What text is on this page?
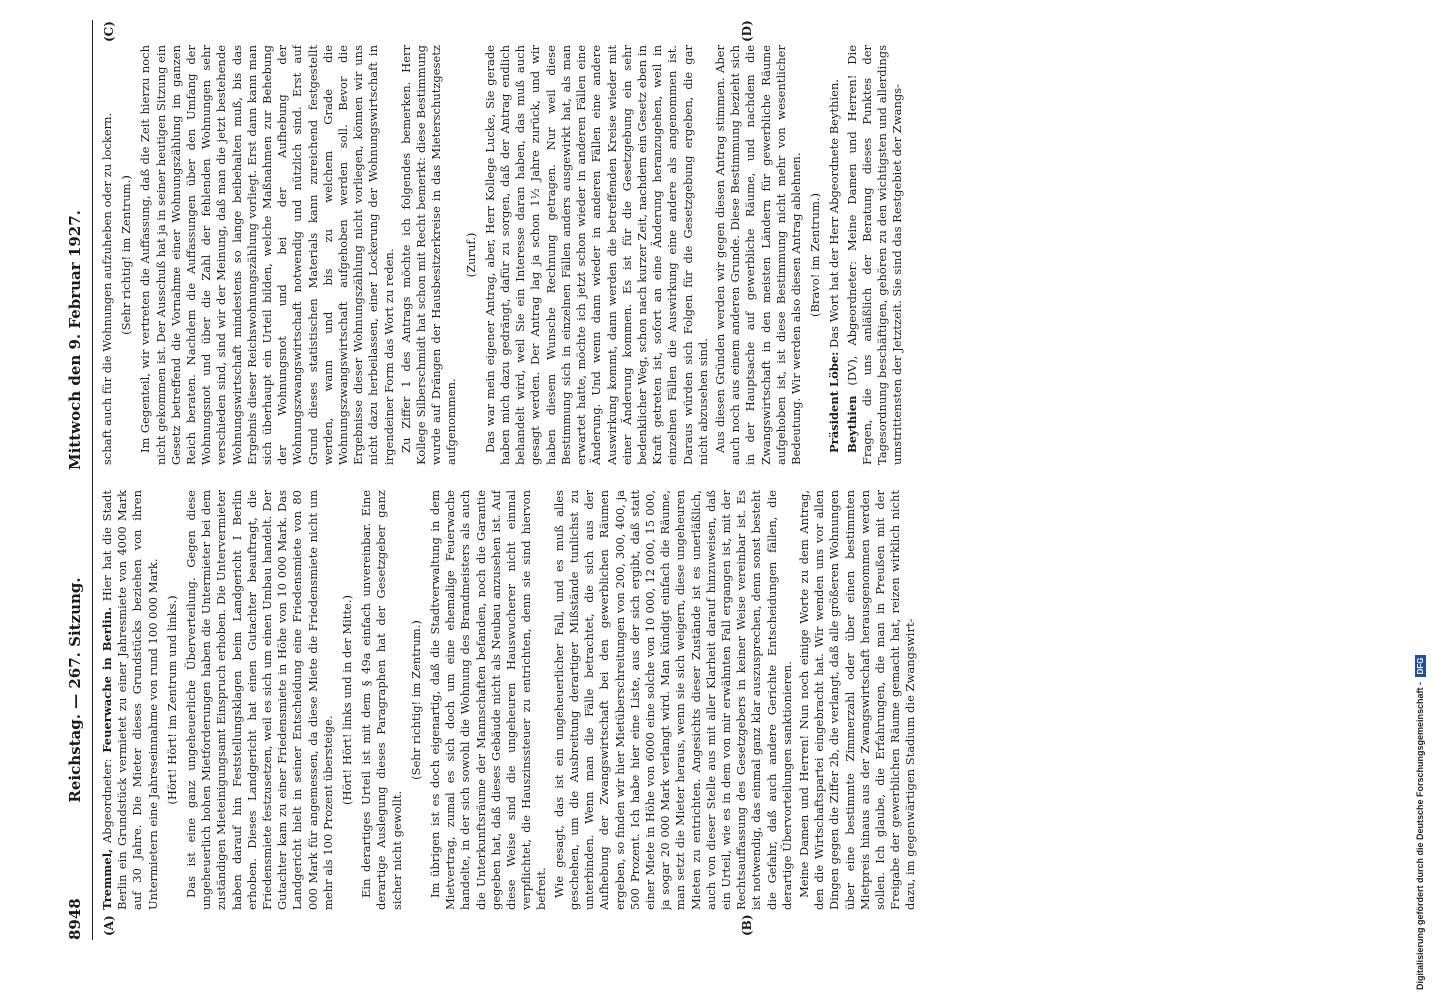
8948
Reichstag. — 267. Sitzung.
Mittwoch den 9. Februar 1927.
(A)	(B)
(C)	(D)

Tremmel, Abgeordneter: Feuerwache in Berlin. Hier hat die Stadt Berlin ein Grundstück vermietet zu einer Jahresmiete von 4000 Mark auf 30 Jahre. Die Mieter dieses Grundstücks beziehen von ihren Untermietern eine Jahreseinnahme von rund 100 000 Mark. (Hört! Hört! im Zentrum und links.) Das ist eine ganz ungeheuerliche Überverteilung. Gegen diese ungeheuerlich hohen Mietforderungen haben die Untermieter bei dem zuständigen Mieteinigungsamt Einspruch erhoben. Die Untervermieter haben darauf hin Feststellungsklagen beim Landgericht I Berlin erhoben. Dieses Landgericht hat einen Gutachter beauftragt, die Friedensmiete festzusetzen, weil es sich um einen Umbau handelt. Der Gutachter kam zu einer Friedensmiete in Höhe von 10 000 Mark. Das Landgericht hielt in seiner Entscheidung eine Friedensmiete von 80 000 Mark für angemessen, da diese Miete die Friedensmiete nicht um mehr als 100 Prozent übersteige.

(Hört! Hört! links und in der Mitte.) Ein derartiges Urteil ist mit dem § 49a einfach unvereinbar. Eine derartige Auslegung dieses Paragraphen hat der Gesetzgeber ganz sicher nicht gewollt.

(Sehr richtig! im Zentrum.) Im übrigen ist es doch eigenartig, daß die Stadtverwaltung in dem Mietvertrag, zumal es sich doch um eine ehemalige Feuerwache handelte, in der sich sowohl die Wohnung des Brandmeisters als auch die Unterkunftsräume der Mannschaften befanden, noch die Garantie gegeben hat, daß dieses Gebäude nicht als Neubau anzusehen ist. Auf diese Weise sind die ungeheuren Hauswucherer nicht einmal verpflichtet, die Hauszinssteuer zu entrichten, denn sie sind hiervon befreit. Wie gesagt, das ist ein ungeheuerlicher Fall, und es muß alles geschehen, um die Ausbreitung derartiger Mißstände tunlichst zu unterbinden. Wenn man die Fälle betrachtet, die sich aus der Aufhebung der Zwangswirtschaft bei den gewerblichen Räumen ergeben, so finden wir hier Mietüberschreitungen von 200, 300, 400, ja 500 Prozent. Ich habe hier eine Liste, aus der sich ergibt, daß statt einer Miete in Höhe von 6000 eine solche von 10 000, 12 000, 15 000, ja sogar 20 000 Mark verlangt wird. Man kündigt einfach die Räume, man setzt die Mieter heraus, wenn sie sich weigern, diese ungeheuren Mieten zu entrichten. Angesichts dieser Zustände ist es unerläßlich, auch von dieser Stelle aus mit aller Klarheit darauf hinzuweisen, daß ein Urteil, wie es in dem von mir erwähnten Fall ergangen ist, mit der Rechtsauffassung des Gesetzgebers in keiner Weise vereinbar ist. Es ist notwendig, das einmal ganz klar auszusprechen, denn sonst besteht die Gefahr, daß auch andere Gerichte Entscheidungen fällen, die derartige Übervorteilungen sanktionieren. Meine Damen und Herren! Nun noch einige Worte zu dem Antrag, den die Wirtschaftspartei eingebracht hat. Wir wenden uns vor allen Dingen gegen die Ziffer 2b, die verlangt, daß alle größeren Wohnungen über eine bestimmte Zimmerzahl oder über einen bestimmten Mietpreis hinaus aus der Zwangswirtschaft herausgenommen werden sollen. Ich glaube, die Erfahrungen, die man in Preußen mit der Freigabe der gewerblichen Räume gemacht hat, reizen wirklich nicht dazu, im gegenwärtigen Stadium die Zwangswirt-

schaft auch für die Wohnungen aufzuheben oder zu lockern. (Sehr richtig! im Zentrum.) Im Gegenteil, wir vertreten die Auffassung, daß die Zeit hierzu noch nicht gekommen ist. Der Ausschuß hat ja in seiner heutigen Sitzung ein Gesetz betreffend die Vornahme einer Wohnungszählung im ganzen Reich beraten. Nachdem die Auffassungen über den Umfang der Wohnungsnot und über die Zahl der fehlenden Wohnungen sehr verschieden sind, sind wir der Meinung, daß man die jetzt bestehende Wohnungswirtschaft mindestens so lange beibehalten muß, bis das Ergebnis dieser Reichswohnungszählung vorliegt. Erst dann kann man sich überhaupt ein Urteil bilden, welche Maßnahmen zur Behebung der Wohnungsnot und bei der Aufhebung der Wohnungszwangswirtschaft notwendig und nützlich sind. Erst auf Grund dieses statistischen Materials kann zureichend festgestellt werden, wann und bis zu welchem Grade die Wohnungszwangswirtschaft aufgehoben werden soll. Bevor die Ergebnisse dieser Wohnungszählung nicht vorliegen, können wir uns nicht dazu herbeilassen, einer Lockerung der Wohnungswirtschaft in irgendeiner Form das Wort zu reden. Zu Ziffer 1 des Antrags möchte ich folgendes bemerken. Herr Kollege Silberschmidt hat schon mit Recht bemerkt: diese Bestimmung wurde auf Drängen der Hausbesitzerkreise in das Mieterschutzgesetz aufgenommen.

(Zuruf.) Das war mein eigener Antrag, aber, Herr Kollege Lucke, Sie gerade haben mich dazu gedrängt, dafür zu sorgen, daß der Antrag endlich behandelt wird, weil Sie ein Interesse daran haben, das muß auch gesagt werden. Der Antrag lag ja schon 1½ Jahre zurück, und wir haben diesem Wunsche Rechnung getragen. Nur weil diese Bestimmung sich in einzelnen Fällen anders ausgewirkt hat, als man erwartet hatte, möchte ich jetzt schon wieder in anderen Fällen eine Änderung. Und wenn dann wieder in anderen Fällen eine andere Auswirkung kommt, dann werden die betreffenden Kreise wieder mit einer Änderung kommen. Es ist für die Gesetzgebung ein sehr bedenklicher Weg, schon nach kurzer Zeit, nachdem ein Gesetz eben in Kraft getreten ist, sofort an eine Änderung heranzugehen, weil in einzelnen Fällen die Auswirkung eine andere als angenommen ist. Daraus würden sich Folgen für die Gesetzgebung ergeben, die gar nicht abzusehen sind. Aus diesen Gründen werden wir gegen diesen Antrag stimmen. Aber auch noch aus einem anderen Grunde. Diese Bestimmung bezieht sich in der Hauptsache auf gewerbliche Räume, und nachdem die Zwangswirtschaft in den meisten Ländern für gewerbliche Räume aufgehoben ist, ist diese Bestimmung nicht mehr von wesentlicher Bedeutung. Wir werden also diesen Antrag ablehnen. (Bravo! im Zentrum.)

Präsident Löbe: Das Wort hat der Herr Abgeordnete Beythien.

Beythien (DV), Abgeordneter: Meine Damen und Herren! Die Fragen, die uns anläßlich der Beratung dieses Punktes der Tagesordnung beschäftigen, gehören zu den wichtigsten und allerdings umstrittensten der Jetztzeit. Sie sind das Restgebiet der Zwangs-

Digitalisierung gefördert durch die Deutsche Forschungsgemeinschaft - DFG
